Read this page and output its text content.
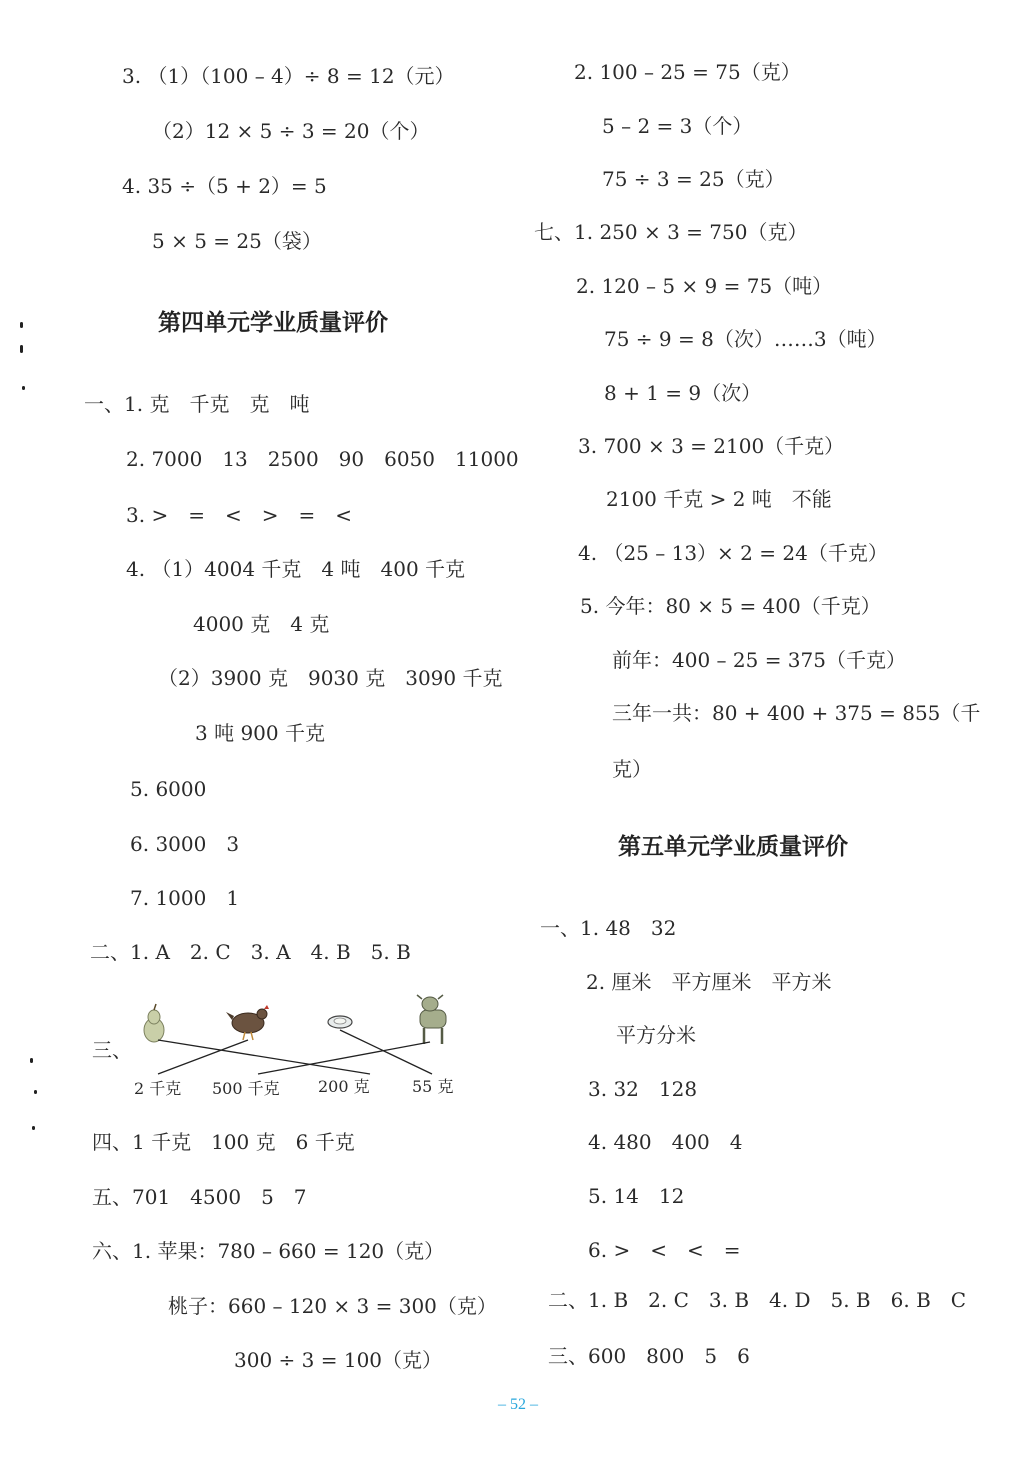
3. （1）（100 – 4）÷ 8 = 12（元）
（2）12 × 5 ÷ 3 = 20（个）
4. 35 ÷（5 + 2）= 5
5 × 5 = 25（袋）
第四单元学业质量评价
一、1. 克　千克　克　吨
2. 7000　13　2500　90　6050　11000
3. >　=　<　>　=　<
4. （1）4004 千克　4 吨　400 千克
4000 克　4 克
（2）3900 克　9030 克　3090 千克
3 吨 900 千克
5. 6000
6. 3000　3
7. 1000　1
二、1. A　2. C　3. A　4. B　5. B
三、
2 千克 500 千克 200 克	55 克
四、1 千克　100 克　6 千克
五、701　4500　5　7
六、1. 苹果：780 – 660 = 120（克）
桃子：660 – 120 × 3 = 300（克）
300 ÷ 3 = 100（克）
2. 100 – 25 = 75（克）
5 – 2 = 3（个）
75 ÷ 3 = 25（克）
七、1. 250 × 3 = 750（克）
2. 120 – 5 × 9 = 75（吨）
75 ÷ 9 = 8（次）……3（吨）
8 + 1 = 9（次）
3. 700 × 3 = 2100（千克）
2100 千克 > 2 吨　不能
4. （25 – 13）× 2 = 24（千克）
5. 今年：80 × 5 = 400（千克）
前年：400 – 25 = 375（千克）
三年一共：80 + 400 + 375 = 855（千
克）
第五单元学业质量评价
一、1. 48　32
2. 厘米　平方厘米　平方米
平方分米
3. 32　128
4. 480　400　4
5. 14　12
6. >　<　<　=
二、1. B　2. C　3. B　4. D　5. B　6. B　C
三、600　800　5　6
– 52 –
